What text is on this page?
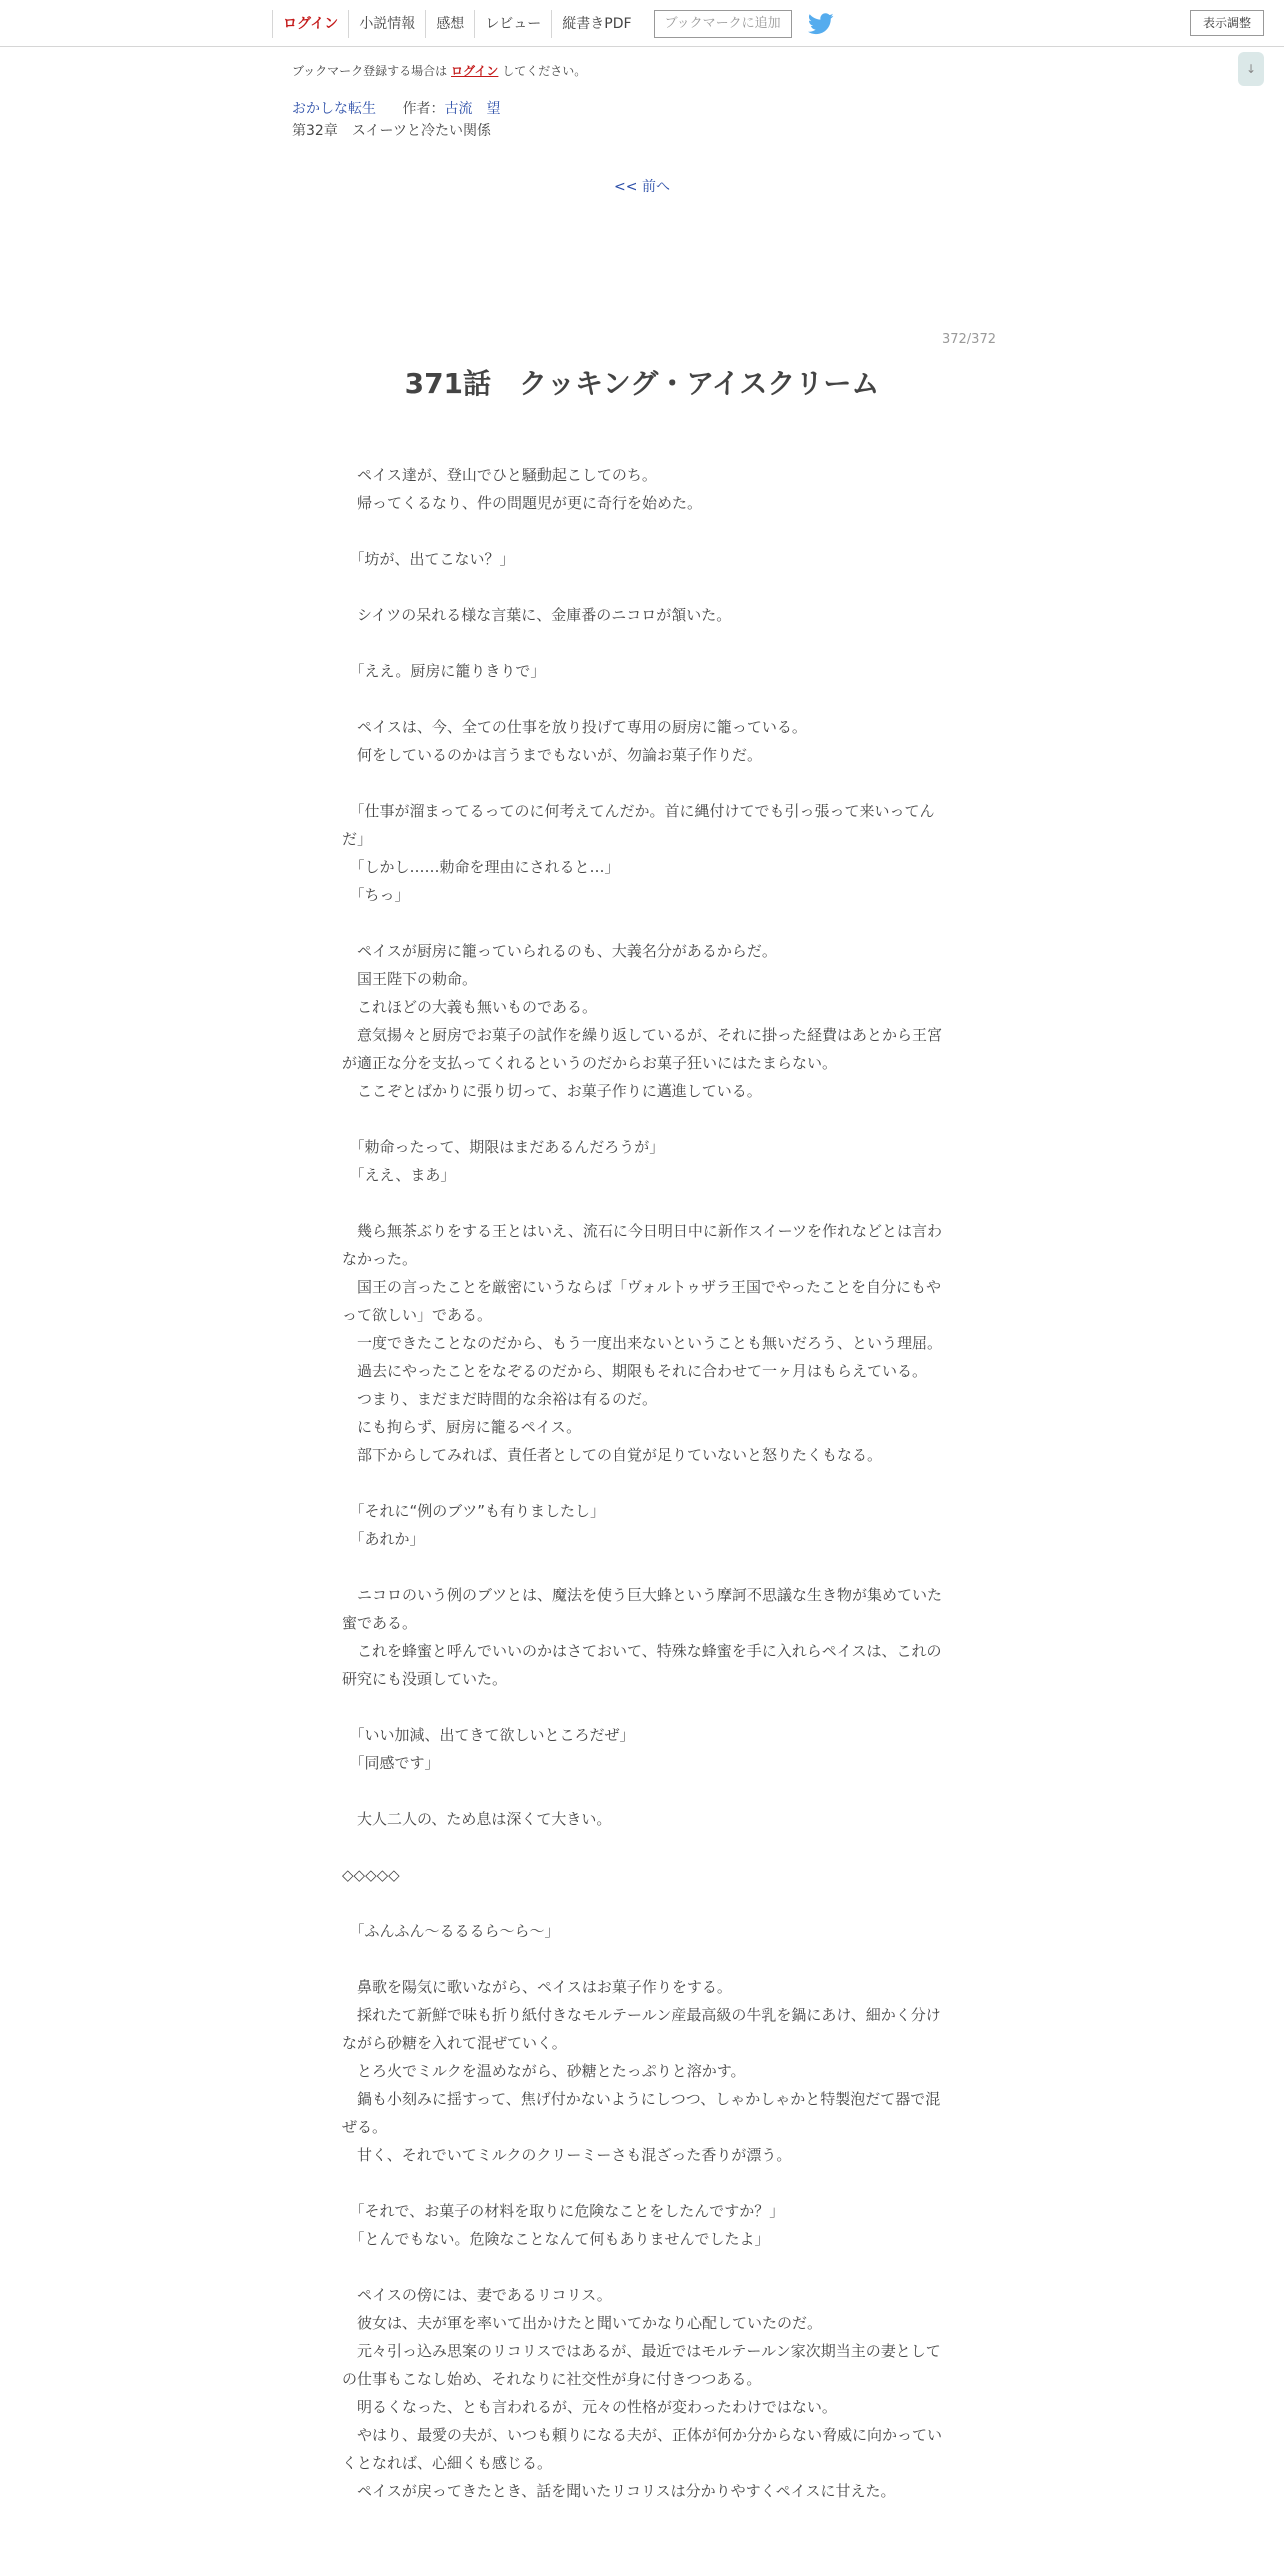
ログイン	小説情報	感想	レビュー	縦書きPDF	ブックマークに追加	表示調整
↓
ブックマーク登録する場合は ログイン してください。
おかしな転生 作者：古流　望
第32章　スイーツと冷たい関係
<< 前へ
372/372
371話　クッキング・アイスクリーム

　ペイス達が、登山でひと騒動起こしてのち。

　帰ってくるなり、件の問題児が更に奇行を始めた。

　「坊が、出てこない？」

　シイツの呆れる様な言葉に、金庫番のニコロが頷いた。

　「ええ。厨房に籠りきりで」

　ペイスは、今、全ての仕事を放り投げて専用の厨房に籠っている。

　何をしているのかは言うまでもないが、勿論お菓子作りだ。

　「仕事が溜まってるってのに何考えてんだか。首に縄付けてでも引っ張って来いってんだ」

　「しかし……勅命を理由にされると…」

　「ちっ」

　ペイスが厨房に籠っていられるのも、大義名分があるからだ。

　国王陛下の勅命。

　これほどの大義も無いものである。

　意気揚々と厨房でお菓子の試作を繰り返しているが、それに掛った経費はあとから王宮が適正な分を支払ってくれるというのだからお菓子狂いにはたまらない。

　ここぞとばかりに張り切って、お菓子作りに邁進している。

　「勅命ったって、期限はまだあるんだろうが」

　「ええ、まあ」

　幾ら無茶ぶりをする王とはいえ、流石に今日明日中に新作スイーツを作れなどとは言わなかった。

　国王の言ったことを厳密にいうならば「ヴォルトゥザラ王国でやったことを自分にもやって欲しい」である。

　一度できたことなのだから、もう一度出来ないということも無いだろう、という理屈。

　過去にやったことをなぞるのだから、期限もそれに合わせて一ヶ月はもらえている。

　つまり、まだまだ時間的な余裕は有るのだ。

　にも拘らず、厨房に籠るペイス。

　部下からしてみれば、責任者としての自覚が足りていないと怒りたくもなる。

　「それに“例のブツ”も有りましたし」

　「あれか」

　ニコロのいう例のブツとは、魔法を使う巨大蜂という摩訶不思議な生き物が集めていた蜜である。

　これを蜂蜜と呼んでいいのかはさておいて、特殊な蜂蜜を手に入れらペイスは、これの研究にも没頭していた。

　「いい加減、出てきて欲しいところだぜ」

　「同感です」

　大人二人の、ため息は深くて大きい。

◇◇◇◇◇

　「ふんふん～るるるら～ら～」

　鼻歌を陽気に歌いながら、ペイスはお菓子作りをする。

　採れたて新鮮で味も折り紙付きなモルテールン産最高級の牛乳を鍋にあけ、細かく分けながら砂糖を入れて混ぜていく。

　とろ火でミルクを温めながら、砂糖とたっぷりと溶かす。

　鍋も小刻みに揺すって、焦げ付かないようにしつつ、しゃかしゃかと特製泡だて器で混ぜる。

　甘く、それでいてミルクのクリーミーさも混ざった香りが漂う。

　「それで、お菓子の材料を取りに危険なことをしたんですか？」

　「とんでもない。危険なことなんて何もありませんでしたよ」

　ペイスの傍には、妻であるリコリス。

　彼女は、夫が軍を率いて出かけたと聞いてかなり心配していたのだ。

　元々引っ込み思案のリコリスではあるが、最近ではモルテールン家次期当主の妻としての仕事もこなし始め、それなりに社交性が身に付きつつある。

　明るくなった、とも言われるが、元々の性格が変わったわけではない。

　やはり、最愛の夫が、いつも頼りになる夫が、正体が何か分からない脅威に向かっていくとなれば、心細くも感じる。

　ペイスが戻ってきたとき、話を聞いたリコリスは分かりやすくペイスに甘えた。
